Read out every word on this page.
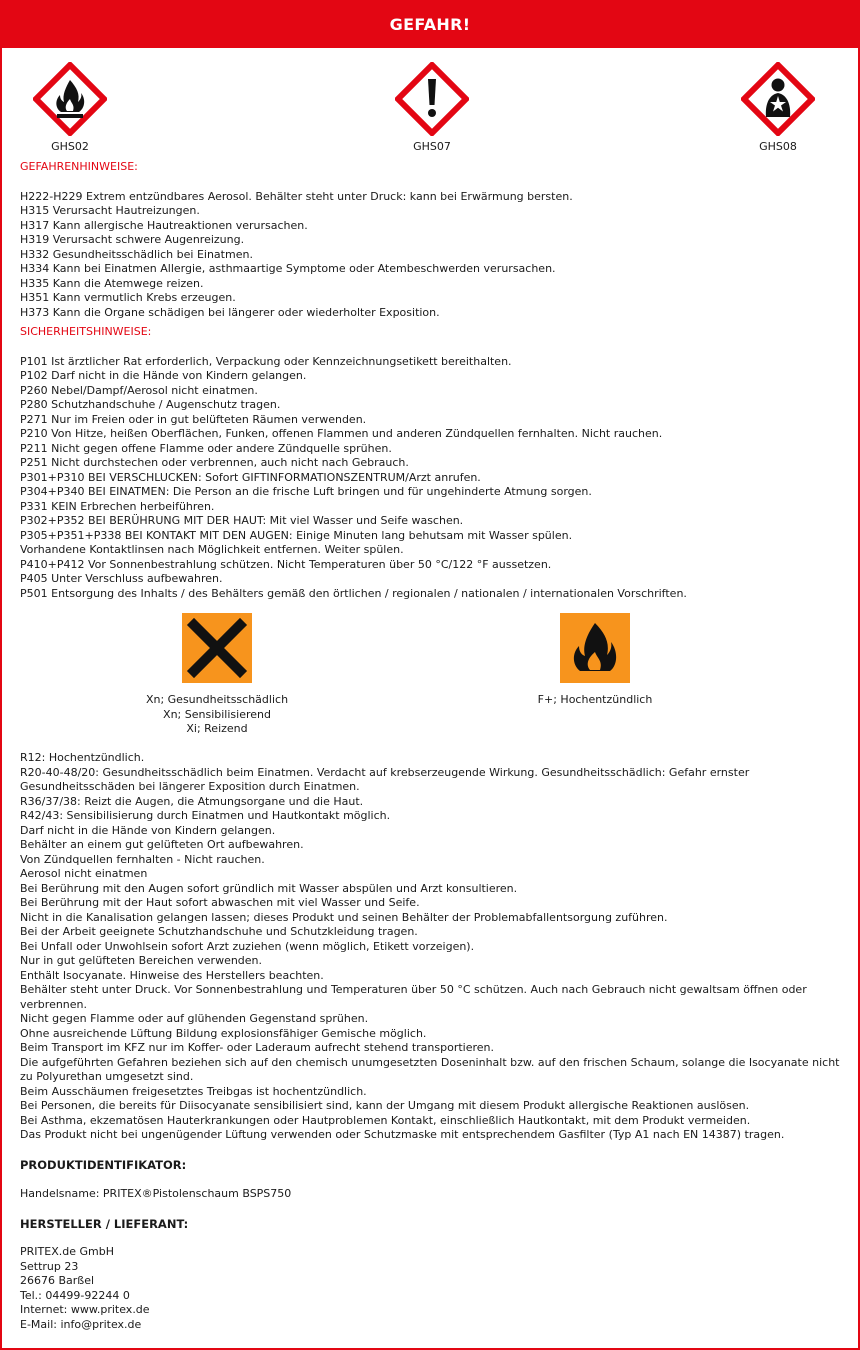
GEFAHR!
GHS02	GHS07	GHS08

GEFAHRENHINWEISE:

H222-H229 Extrem entzündbares Aerosol. Behälter steht unter Druck: kann bei Erwärmung bersten.
H315 Verursacht Hautreizungen.
H317 Kann allergische Hautreaktionen verursachen.
H319 Verursacht schwere Augenreizung.
H332 Gesundheitsschädlich bei Einatmen.
H334 Kann bei Einatmen Allergie, asthmaartige Symptome oder Atembeschwerden verursachen.
H335 Kann die Atemwege reizen.
H351 Kann vermutlich Krebs erzeugen.
H373 Kann die Organe schädigen bei längerer oder wiederholter Exposition.

SICHERHEITSHINWEISE:

P101 Ist ärztlicher Rat erforderlich, Verpackung oder Kennzeichnungsetikett bereithalten.
P102 Darf nicht in die Hände von Kindern gelangen.
P260 Nebel/Dampf/Aerosol nicht einatmen.
P280 Schutzhandschuhe / Augenschutz tragen.
P271 Nur im Freien oder in gut belüfteten Räumen verwenden.
P210 Von Hitze, heißen Oberflächen, Funken, offenen Flammen und anderen Zündquellen fernhalten. Nicht rauchen.
P211 Nicht gegen offene Flamme oder andere Zündquelle sprühen.
P251 Nicht durchstechen oder verbrennen, auch nicht nach Gebrauch.
P301+P310 BEI VERSCHLUCKEN: Sofort GIFTINFORMATIONSZENTRUM/Arzt anrufen.
P304+P340 BEI EINATMEN: Die Person an die frische Luft bringen und für ungehinderte Atmung sorgen.
P331 KEIN Erbrechen herbeiführen.
P302+P352 BEI BERÜHRUNG MIT DER HAUT: Mit viel Wasser und Seife waschen.
P305+P351+P338 BEI KONTAKT MIT DEN AUGEN: Einige Minuten lang behutsam mit Wasser spülen.
Vorhandene Kontaktlinsen nach Möglichkeit entfernen. Weiter spülen.
P410+P412 Vor Sonnenbestrahlung schützen. Nicht Temperaturen über 50 °C/122 °F aussetzen.
P405 Unter Verschluss aufbewahren.
P501 Entsorgung des Inhalts / des Behälters gemäß den örtlichen / regionalen / nationalen / internationalen Vorschriften.
Xn; Gesundheitsschädlich
Xn; Sensibilisierend
Xi; Reizend
F+; Hochentzündlich
R12: Hochentzündlich.
R20-40-48/20: Gesundheitsschädlich beim Einatmen. Verdacht auf krebserzeugende Wirkung. Gesundheitsschädlich: Gefahr ernster Gesundheitsschäden bei längerer Exposition durch Einatmen.
R36/37/38: Reizt die Augen, die Atmungsorgane und die Haut.
R42/43: Sensibilisierung durch Einatmen und Hautkontakt möglich.
Darf nicht in die Hände von Kindern gelangen.
Behälter an einem gut gelüfteten Ort aufbewahren.
Von Zündquellen fernhalten - Nicht rauchen.
Aerosol nicht einatmen
Bei Berührung mit den Augen sofort gründlich mit Wasser abspülen und Arzt konsultieren.
Bei Berührung mit der Haut sofort abwaschen mit viel Wasser und Seife.
Nicht in die Kanalisation gelangen lassen; dieses Produkt und seinen Behälter der Problemabfallentsorgung zuführen.
Bei der Arbeit geeignete Schutzhandschuhe und Schutzkleidung tragen.
Bei Unfall oder Unwohlsein sofort Arzt zuziehen (wenn möglich, Etikett vorzeigen).
Nur in gut gelüfteten Bereichen verwenden.
Enthält Isocyanate. Hinweise des Herstellers beachten.
Behälter steht unter Druck. Vor Sonnenbestrahlung und Temperaturen über 50 °C schützen. Auch nach Gebrauch nicht gewaltsam öffnen oder verbrennen.
Nicht gegen Flamme oder auf glühenden Gegenstand sprühen.
Ohne ausreichende Lüftung Bildung explosionsfähiger Gemische möglich.
Beim Transport im KFZ nur im Koffer- oder Laderaum aufrecht stehend transportieren.
Die aufgeführten Gefahren beziehen sich auf den chemisch unumgesetzten Doseninhalt bzw. auf den frischen Schaum, solange die Isocyanate nicht zu Polyurethan umgesetzt sind.
Beim Ausschäumen freigesetztes Treibgas ist hochentzündlich.
Bei Personen, die bereits für Diisocyanate sensibilisiert sind, kann der Umgang mit diesem Produkt allergische Reaktionen auslösen.
Bei Asthma, ekzematösen Hauterkrankungen oder Hautproblemen Kontakt, einschließlich Hautkontakt, mit dem Produkt vermeiden.
Das Produkt nicht bei ungenügender Lüftung verwenden oder Schutzmaske mit entsprechendem Gasfilter (Typ A1 nach EN 14387) tragen.

PRODUKTIDENTIFIKATOR:

Handelsname: PRITEX®Pistolenschaum BSPS750

HERSTELLER / LIEFERANT:

PRITEX.de GmbH
Settrup 23
26676 Barßel
Tel.: 04499-92244 0
Internet: www.pritex.de
E-Mail: info@pritex.de
